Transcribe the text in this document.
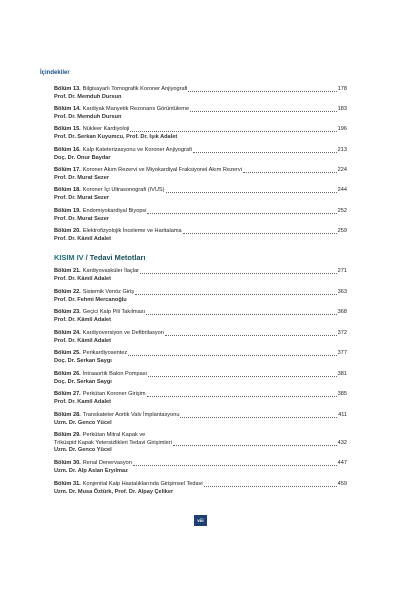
İçindekiler
Bölüm 13. Bilgisayarlı Tomografik Koroner Anjiyografi	178
Prof. Dr. Memduh Dursun
Bölüm 14. Kardiyak Manyetik Rezonans Görüntüleme	183
Prof. Dr. Memduh Dursun
Bölüm 15. Nükleer Kardiyoloji	196
Prof. Dr. Serkan Kuyumcu, Prof. Dr. Işık Adalet
Bölüm 16. Kalp Kateterizasyonu ve Koroner Anjiyografi	213
Doç. Dr. Onur Baydar
Bölüm 17. Koroner Akım Rezervi ve Miyokardiyal Fraksiyonel Akım Rezervi	224
Prof. Dr. Murat Sezer
Bölüm 18. Koroner İçi Ultrasonografi (IVUS)	244
Prof. Dr. Murat Sezer
Bölüm 19. Endomiyokardiyal Biyopsi	252
Prof. Dr. Murat Sezer
Bölüm 20. Elektrofizyolojik İnceleme ve Haritalama	259
Prof. Dr. Kâmil Adalet
KISIM IV / Tedavi Metotları
Bölüm 21. Kardiyovasküler İlaçlar	271
Prof. Dr. Kâmil Adalet
Bölüm 22. Sistemik Venöz Giriş	363
Prof. Dr. Fehmi Mercanoğlu
Bölüm 23. Geçici Kalp Pili Takılması	368
Prof. Dr. Kâmil Adalet
Bölüm 24. Kardiyoversiyon ve Defibrilasyon	372
Prof. Dr. Kâmil Adalet
Bölüm 25. Perikardiyosentez	377
Doç. Dr. Serkan Saygı
Bölüm 26. İntraaortik Balon Pompası	381
Doç. Dr. Serkan Saygı
Bölüm 27. Perkütan Koroner Girişim	385
Prof. Dr. Kamil Adalet
Bölüm 28. Transkateter Aortik Valv İmplantasyonu	411
Uzm. Dr. Genco Yücel
Bölüm 29. Perkütan Mitral Kapak ve
Triküspid Kapak Yetersizlikleri Tedavi Girişimleri	432
Uzm. Dr. Genco Yücel
Bölüm 30. Renal Denervasyon	447
Uzm. Dr. Alp Aslan Eryılmaz
Bölüm 31. Konjenital Kalp Hastalıklarında Girişimsel Tedavi	459
Uzm. Dr. Musa Öztürk, Prof. Dr. Alpay Çeliker
viii
